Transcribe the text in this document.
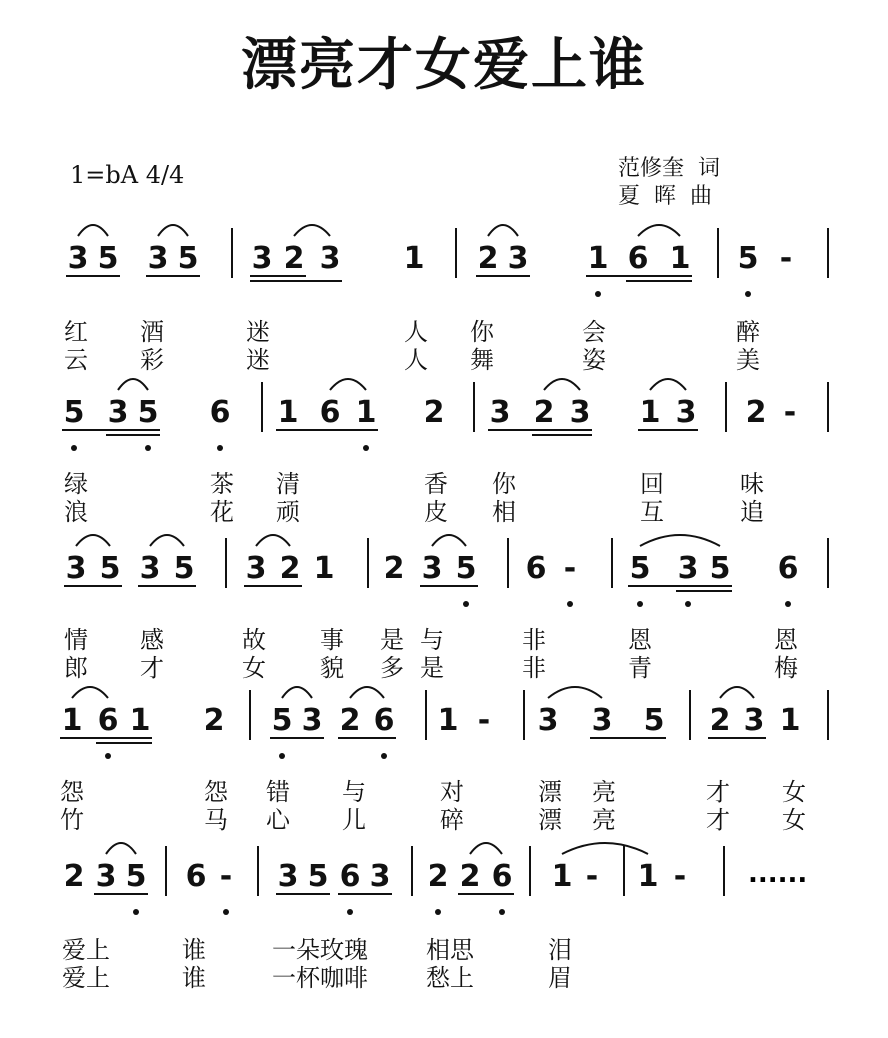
漂亮才女爱上谁
1=bA 4/4	范修奎  词
夏  晖  曲
3 5 3 5 3 2 3 1 2 3 1 6 1 5 -
5 3 5 6 1 6 1 2 3 2 3 1 3 2 -
3 5 3 5 3 2 1 2 3 5 6 - 5 3 5 6
1 6 1 2 5 3 2 6 1 - 3 3 5 2 3 1
2 3 5 6 - 3 5 6 3 2 2 6 1 - 1 - ......
红 酒	迷	人 你	会	醉
云 彩	迷	人 舞	姿	美
绿	茶 清	香 你	回	味
浪	花 顽	皮 相	互	追
情 感	故 事 是 与	非	恩	恩
郎 才	女 貌 多 是	非	青	梅
怨	怨 错 与	对	漂 亮	才 女
竹	马 心 儿	碎	漂 亮	才 女
爱上	谁	一朵玫瑰 相思	泪
爱上	谁	一杯咖啡 愁上	眉
